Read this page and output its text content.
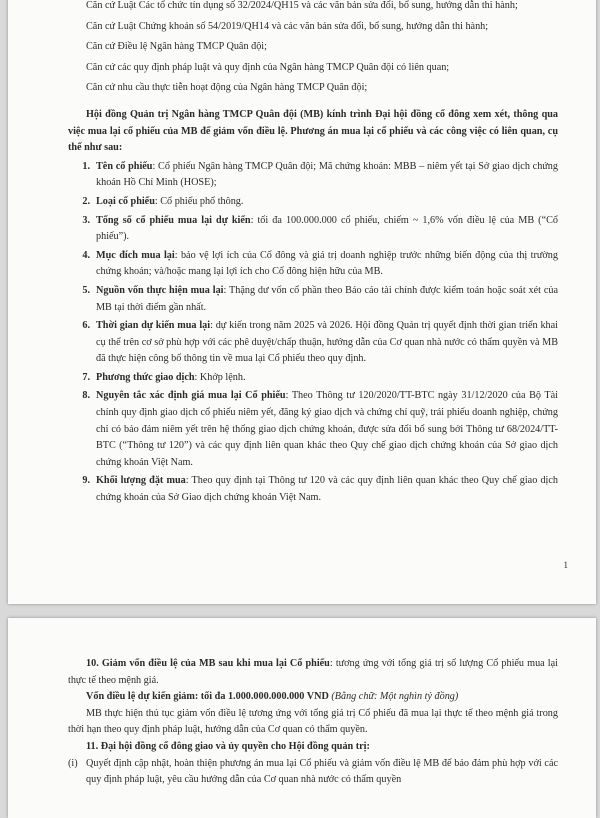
Căn cứ Luật Các tổ chức tín dụng số 32/2024/QH15 và các văn bản sửa đổi, bổ sung, hướng dẫn thi hành;

Căn cứ Luật Chứng khoán số 54/2019/QH14 và các văn bản sửa đổi, bổ sung, hướng dẫn thi hành;

Căn cứ Điều lệ Ngân hàng TMCP Quân đội;

Căn cứ các quy định pháp luật và quy định của Ngân hàng TMCP Quân đội có liên quan;

Căn cứ nhu cầu thực tiễn hoạt động của Ngân hàng TMCP Quân đội;

Hội đồng Quản trị Ngân hàng TMCP Quân đội (MB) kính trình Đại hội đồng cổ đông xem xét, thông qua việc mua lại cổ phiếu của MB để giảm vốn điều lệ. Phương án mua lại cổ phiếu và các công việc có liên quan, cụ thể như sau:

1. Tên cổ phiếu: Cổ phiếu Ngân hàng TMCP Quân đội; Mã chứng khoán: MBB – niêm yết tại Sở giao dịch chứng khoán Hồ Chí Minh (HOSE);
2. Loại cổ phiếu: Cổ phiếu phổ thông.
3. Tổng số cổ phiếu mua lại dự kiến: tối đa 100.000.000 cổ phiếu, chiếm ~ 1,6% vốn điều lệ của MB (“Cổ phiếu”).
4. Mục đích mua lại: bảo vệ lợi ích của Cổ đông và giá trị doanh nghiệp trước những biến động của thị trường chứng khoán; và/hoặc mang lại lợi ích cho Cổ đông hiện hữu của MB.
5. Nguồn vốn thực hiện mua lại: Thặng dư vốn cổ phần theo Báo cáo tài chính được kiểm toán hoặc soát xét của MB tại thời điểm gần nhất.
6. Thời gian dự kiến mua lại: dự kiến trong năm 2025 và 2026. Hội đồng Quản trị quyết định thời gian triển khai cụ thể trên cơ sở phù hợp với các phê duyệt/chấp thuận, hướng dẫn của Cơ quan nhà nước có thẩm quyền và MB đã thực hiện công bố thông tin về mua lại Cổ phiếu theo quy định.
7. Phương thức giao dịch: Khớp lệnh.
8. Nguyên tắc xác định giá mua lại Cổ phiếu: Theo Thông tư 120/2020/TT-BTC ngày 31/12/2020 của Bộ Tài chính quy định giao dịch cổ phiếu niêm yết, đăng ký giao dịch và chứng chỉ quỹ, trái phiếu doanh nghiệp, chứng chỉ có bảo đảm niêm yết trên hệ thống giao dịch chứng khoán, được sửa đổi bổ sung bởi Thông tư 68/2024/TT-BTC (“Thông tư 120”) và các quy định liên quan khác theo Quy chế giao dịch chứng khoán của Sở giao dịch chứng khoán Việt Nam.
9. Khối lượng đặt mua: Theo quy định tại Thông tư 120 và các quy định liên quan khác theo Quy chế giao dịch chứng khoán của Sở Giao dịch chứng khoán Việt Nam.
1

10. Giảm vốn điều lệ của MB sau khi mua lại Cổ phiếu: tương ứng với tổng giá trị số lượng Cổ phiếu mua lại thực tế theo mệnh giá.

Vốn điều lệ dự kiến giảm: tối đa 1.000.000.000.000 VND (Bằng chữ: Một nghìn tỷ đồng)

MB thực hiện thủ tục giảm vốn điều lệ tương ứng với tổng giá trị Cổ phiếu đã mua lại thực tế theo mệnh giá trong thời hạn theo quy định pháp luật, hướng dẫn của Cơ quan có thẩm quyền.

11. Đại hội đồng cổ đông giao và ủy quyền cho Hội đồng quản trị:

(i) Quyết định cập nhật, hoàn thiện phương án mua lại Cổ phiếu và giảm vốn điều lệ MB để bảo đảm phù hợp với các quy định pháp luật, yêu cầu hướng dẫn của Cơ quan nhà nước có thẩm quyền
